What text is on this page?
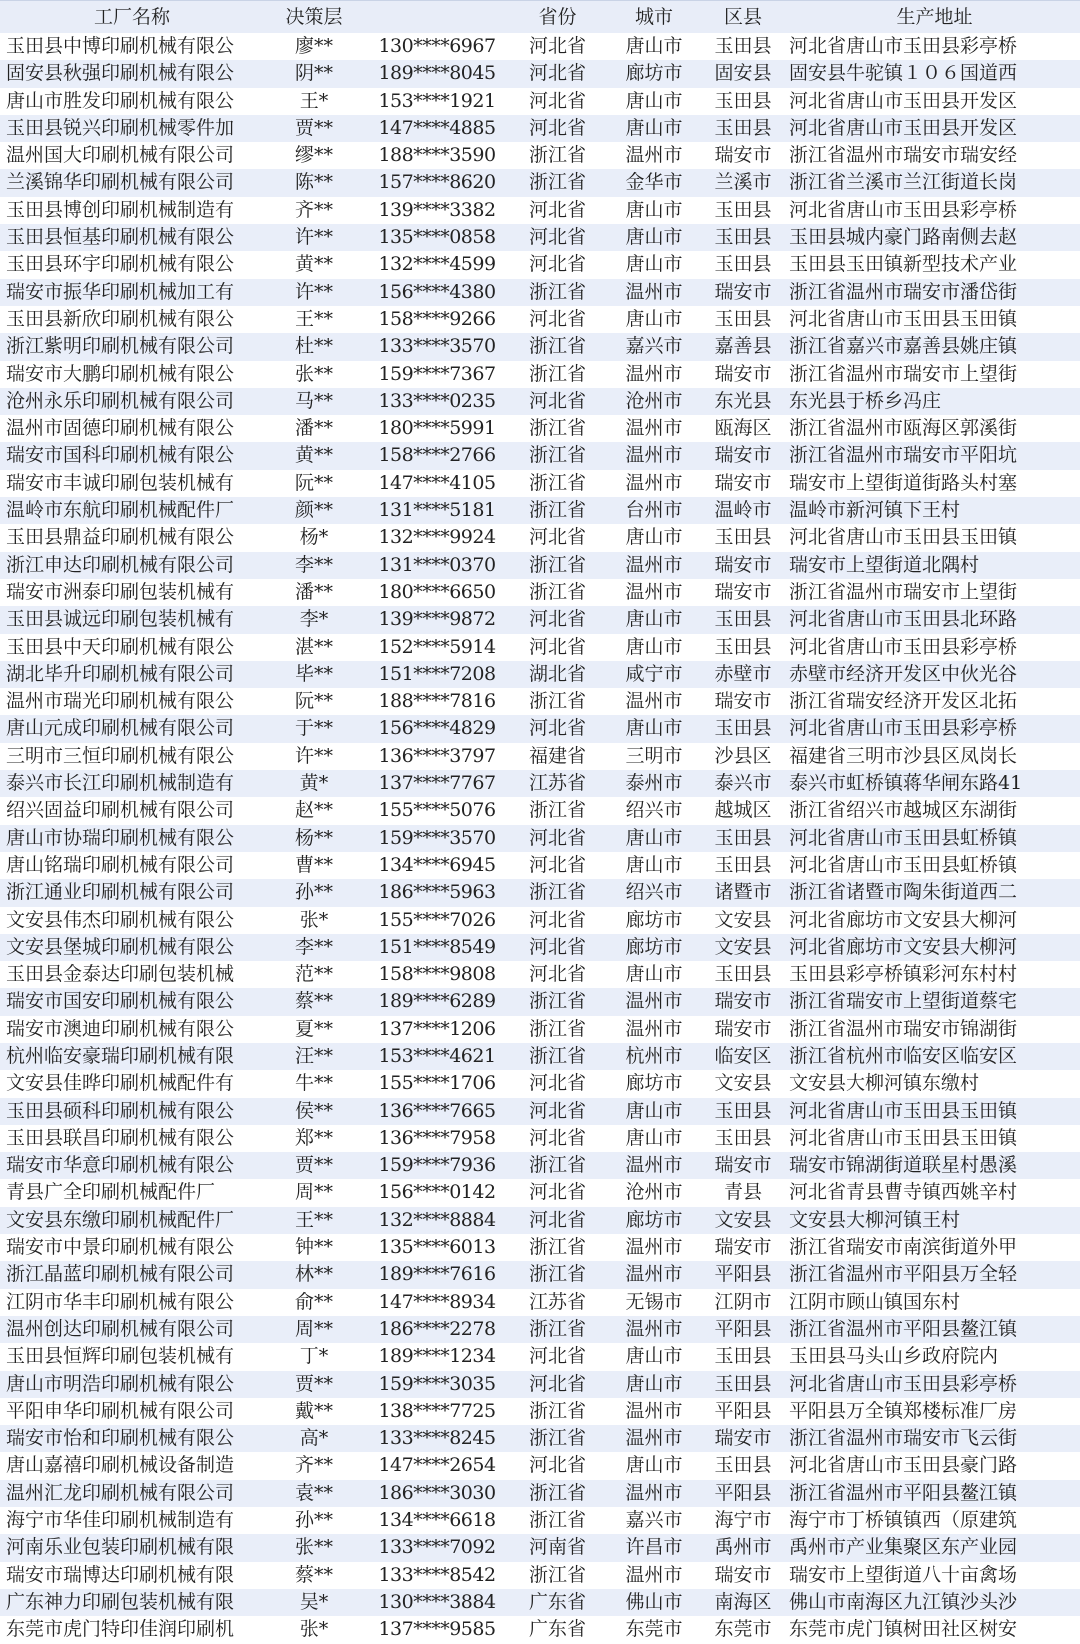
工厂名称	决策层	省份	城市	区县	生产地址
玉田县中博印刷机械有限公	廖**	130****6967	河北省	唐山市	玉田县 河北省唐山市玉田县彩亭桥
固安县秋强印刷机械有限公	阴**	189****8045	河北省	廊坊市	固安县 固安县牛驼镇１０６国道西
唐山市胜发印刷机械有限公	王*	153****1921	河北省	唐山市	玉田县 河北省唐山市玉田县开发区
玉田县锐兴印刷机械零件加	贾**	147****4885	河北省	唐山市	玉田县 河北省唐山市玉田县开发区
温州国大印刷机械有限公司	缪**	188****3590	浙江省	温州市	瑞安市 浙江省温州市瑞安市瑞安经
兰溪锦华印刷机械有限公司	陈**	157****8620	浙江省	金华市	兰溪市 浙江省兰溪市兰江街道长岗
玉田县博创印刷机械制造有	齐**	139****3382	河北省	唐山市	玉田县 河北省唐山市玉田县彩亭桥
玉田县恒基印刷机械有限公	许**	135****0858	河北省	唐山市	玉田县 玉田县城内豪门路南侧去赵
玉田县环宇印刷机械有限公	黄**	132****4599	河北省	唐山市	玉田县 玉田县玉田镇新型技术产业
瑞安市振华印刷机械加工有	许**	156****4380	浙江省	温州市	瑞安市 浙江省温州市瑞安市潘岱街
玉田县新欣印刷机械有限公	王**	158****9266	河北省	唐山市	玉田县 河北省唐山市玉田县玉田镇
浙江紫明印刷机械有限公司	杜**	133****3570	浙江省	嘉兴市	嘉善县 浙江省嘉兴市嘉善县姚庄镇
瑞安市大鹏印刷机械有限公	张**	159****7367	浙江省	温州市	瑞安市 浙江省温州市瑞安市上望街
沧州永乐印刷机械有限公司	马**	133****0235	河北省	沧州市	东光县 东光县于桥乡冯庄
温州市固德印刷机械有限公	潘**	180****5991	浙江省	温州市	瓯海区 浙江省温州市瓯海区郭溪街
瑞安市国科印刷机械有限公	黄**	158****2766	浙江省	温州市	瑞安市 浙江省温州市瑞安市平阳坑
瑞安市丰诚印刷包装机械有	阮**	147****4105	浙江省	温州市	瑞安市 瑞安市上望街道街路头村塞
温岭市东航印刷机械配件厂	颜**	131****5181	浙江省	台州市	温岭市 温岭市新河镇下王村
玉田县鼎益印刷机械有限公	杨*	132****9924	河北省	唐山市	玉田县 河北省唐山市玉田县玉田镇
浙江申达印刷机械有限公司	李**	131****0370	浙江省	温州市	瑞安市 瑞安市上望街道北隅村
瑞安市洲泰印刷包装机械有	潘**	180****6650	浙江省	温州市	瑞安市 浙江省温州市瑞安市上望街
玉田县诚远印刷包装机械有	李*	139****9872	河北省	唐山市	玉田县 河北省唐山市玉田县北环路
玉田县中天印刷机械有限公	湛**	152****5914	河北省	唐山市	玉田县 河北省唐山市玉田县彩亭桥
湖北毕升印刷机械有限公司	毕**	151****7208	湖北省	咸宁市	赤壁市 赤壁市经济开发区中伙光谷
温州市瑞光印刷机械有限公	阮**	188****7816	浙江省	温州市	瑞安市 浙江省瑞安经济开发区北拓
唐山元成印刷机械有限公司	于**	156****4829	河北省	唐山市	玉田县 河北省唐山市玉田县彩亭桥
三明市三恒印刷机械有限公	许**	136****3797	福建省	三明市	沙县区 福建省三明市沙县区凤岗长
泰兴市长江印刷机械制造有	黄*	137****7767	江苏省	泰州市	泰兴市 泰兴市虹桥镇蒋华闸东路41
绍兴固益印刷机械有限公司	赵**	155****5076	浙江省	绍兴市	越城区 浙江省绍兴市越城区东湖街
唐山市协瑞印刷机械有限公	杨**	159****3570	河北省	唐山市	玉田县 河北省唐山市玉田县虹桥镇
唐山铭瑞印刷机械有限公司	曹**	134****6945	河北省	唐山市	玉田县 河北省唐山市玉田县虹桥镇
浙江通业印刷机械有限公司	孙**	186****5963	浙江省	绍兴市	诸暨市 浙江省诸暨市陶朱街道西二
文安县伟杰印刷机械有限公	张*	155****7026	河北省	廊坊市	文安县 河北省廊坊市文安县大柳河
文安县堡城印刷机械有限公	李**	151****8549	河北省	廊坊市	文安县 河北省廊坊市文安县大柳河
玉田县金泰达印刷包装机械	范**	158****9808	河北省	唐山市	玉田县 玉田县彩亭桥镇彩河东村村
瑞安市国安印刷机械有限公	蔡**	189****6289	浙江省	温州市	瑞安市 浙江省瑞安市上望街道蔡宅
瑞安市澳迪印刷机械有限公	夏**	137****1206	浙江省	温州市	瑞安市 浙江省温州市瑞安市锦湖街
杭州临安豪瑞印刷机械有限	汪**	153****4621	浙江省	杭州市	临安区 浙江省杭州市临安区临安区
文安县佳晔印刷机械配件有	牛**	155****1706	河北省	廊坊市	文安县 文安县大柳河镇东缴村
玉田县硕科印刷机械有限公	侯**	136****7665	河北省	唐山市	玉田县 河北省唐山市玉田县玉田镇
玉田县联昌印刷机械有限公	郑**	136****7958	河北省	唐山市	玉田县 河北省唐山市玉田县玉田镇
瑞安市华意印刷机械有限公	贾**	159****7936	浙江省	温州市	瑞安市 瑞安市锦湖街道联星村愚溪
青县广全印刷机械配件厂	周**	156****0142	河北省	沧州市	青县	河北省青县曹寺镇西姚辛村
文安县东缴印刷机械配件厂	王**	132****8884	河北省	廊坊市	文安县 文安县大柳河镇王村
瑞安市中景印刷机械有限公	钟**	135****6013	浙江省	温州市	瑞安市 浙江省瑞安市南滨街道外甲
浙江晶蓝印刷机械有限公司	林**	189****7616	浙江省	温州市	平阳县 浙江省温州市平阳县万全轻
江阴市华丰印刷机械有限公	俞**	147****8934	江苏省	无锡市	江阴市 江阴市顾山镇国东村
温州创达印刷机械有限公司	周**	186****2278	浙江省	温州市	平阳县 浙江省温州市平阳县鳌江镇
玉田县恒辉印刷包装机械有	丁*	189****1234	河北省	唐山市	玉田县 玉田县马头山乡政府院内
唐山市明浩印刷机械有限公	贾**	159****3035	河北省	唐山市	玉田县 河北省唐山市玉田县彩亭桥
平阳申华印刷机械有限公司	戴**	138****7725	浙江省	温州市	平阳县 平阳县万全镇郑楼标准厂房
瑞安市怡和印刷机械有限公	高*	133****8245	浙江省	温州市	瑞安市 浙江省温州市瑞安市飞云街
唐山嘉禧印刷机械设备制造	齐**	147****2654	河北省	唐山市	玉田县 河北省唐山市玉田县豪门路
温州汇龙印刷机械有限公司	袁**	186****3030	浙江省	温州市	平阳县 浙江省温州市平阳县鳌江镇
海宁市华佳印刷机械制造有	孙**	134****6618	浙江省	嘉兴市	海宁市 海宁市丁桥镇镇西（原建筑
河南乐业包装印刷机械有限	张**	133****7092	河南省	许昌市	禹州市 禹州市产业集聚区东产业园
瑞安市瑞博达印刷机械有限	蔡**	133****8542	浙江省	温州市	瑞安市 瑞安市上望街道八十亩禽场
广东神力印刷包装机械有限	吴*	130****3884	广东省	佛山市	南海区 佛山市南海区九江镇沙头沙
东莞市虎门特印佳润印刷机	张*	137****9585	广东省	东莞市	东莞市 东莞市虎门镇树田社区树安
